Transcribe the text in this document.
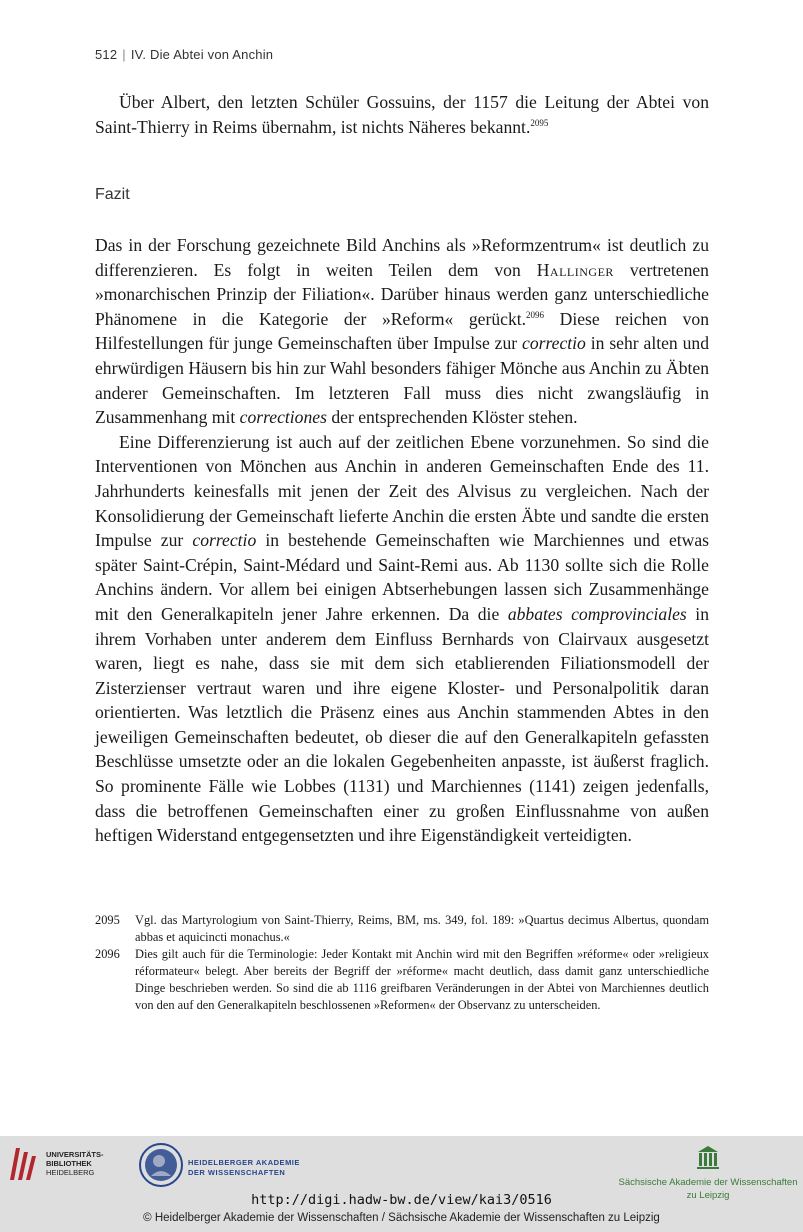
512 | IV. Die Abtei von Anchin

Über Albert, den letzten Schüler Gossuins, der 1157 die Leitung der Abtei von Saint-Thierry in Reims übernahm, ist nichts Näheres bekannt.$^{2095}$

Fazit

Das in der Forschung gezeichnete Bild Anchins als »Reformzentrum« ist deutlich zu differenzieren. Es folgt in weiten Teilen dem von Hallinger vertretenen »monarchischen Prinzip der Filiation«. Darüber hinaus werden ganz unterschiedliche Phänomene in die Kategorie der »Reform« gerückt.$^{2096}$ Diese reichen von Hilfestellungen für junge Gemeinschaften über Impulse zur correctio in sehr alten und ehrwürdigen Häusern bis hin zur Wahl besonders fähiger Mönche aus Anchin zu Äbten anderer Gemeinschaften. Im letzteren Fall muss dies nicht zwangsläufig in Zusammenhang mit correctiones der entsprechenden Klöster stehen.

Eine Differenzierung ist auch auf der zeitlichen Ebene vorzunehmen. So sind die Interventionen von Mönchen aus Anchin in anderen Gemeinschaften Ende des 11. Jahrhunderts keinesfalls mit jenen der Zeit des Alvisus zu vergleichen. Nach der Konsolidierung der Gemeinschaft lieferte Anchin die ersten Äbte und sandte die ersten Impulse zur correctio in bestehende Gemeinschaften wie Marchiennes und etwas später Saint-Crépin, Saint-Médard und Saint-Remi aus. Ab 1130 sollte sich die Rolle Anchins ändern. Vor allem bei einigen Abtserhebungen lassen sich Zusammenhänge mit den Generalkapiteln jener Jahre erkennen. Da die abbates comprovinciales in ihrem Vorhaben unter anderem dem Einfluss Bernhards von Clairvaux ausgesetzt waren, liegt es nahe, dass sie mit dem sich etablierenden Filiationsmodell der Zisterzienser vertraut waren und ihre eigene Kloster- und Personalpolitik daran orientierten. Was letztlich die Präsenz eines aus Anchin stammenden Abtes in den jeweiligen Gemeinschaften bedeutet, ob dieser die auf den Generalkapiteln gefassten Beschlüsse umsetzte oder an die lokalen Gegebenheiten anpasste, ist äußerst fraglich. So prominente Fälle wie Lobbes (1131) und Marchiennes (1141) zeigen jedenfalls, dass die betroffenen Gemeinschaften einer zu großen Einflussnahme von außen heftigen Widerstand entgegensetzten und ihre Eigenständigkeit verteidigten.

2095	Vgl. das Martyrologium von Saint-Thierry, Reims, BM, ms. 349, fol. 189: »Quartus decimus Albertus, quondam abbas et aquicincti monachus.«
2096	Dies gilt auch für die Terminologie: Jeder Kontakt mit Anchin wird mit den Begriffen »réforme« oder »religieux réformateur« belegt. Aber bereits der Begriff der »réforme« macht deutlich, dass damit ganz unterschiedliche Dinge beschrieben werden. So sind die ab 1116 greifbaren Veränderungen in der Abtei von Marchiennes deutlich von den auf den Generalkapiteln beschlossenen »Reformen« der Observanz zu unterscheiden.
UNIVERSITÄTS-
BIBLIOTHEK
HEIDELBERG
HEIDELBERGER AKADEMIE
DER WISSENSCHAFTEN
Sächsische Akademie der Wissenschaften
zu Leipzig
http://digi.hadw-bw.de/view/kai3/0516
© Heidelberger Akademie der Wissenschaften / Sächsische Akademie der Wissenschaften zu Leipzig
